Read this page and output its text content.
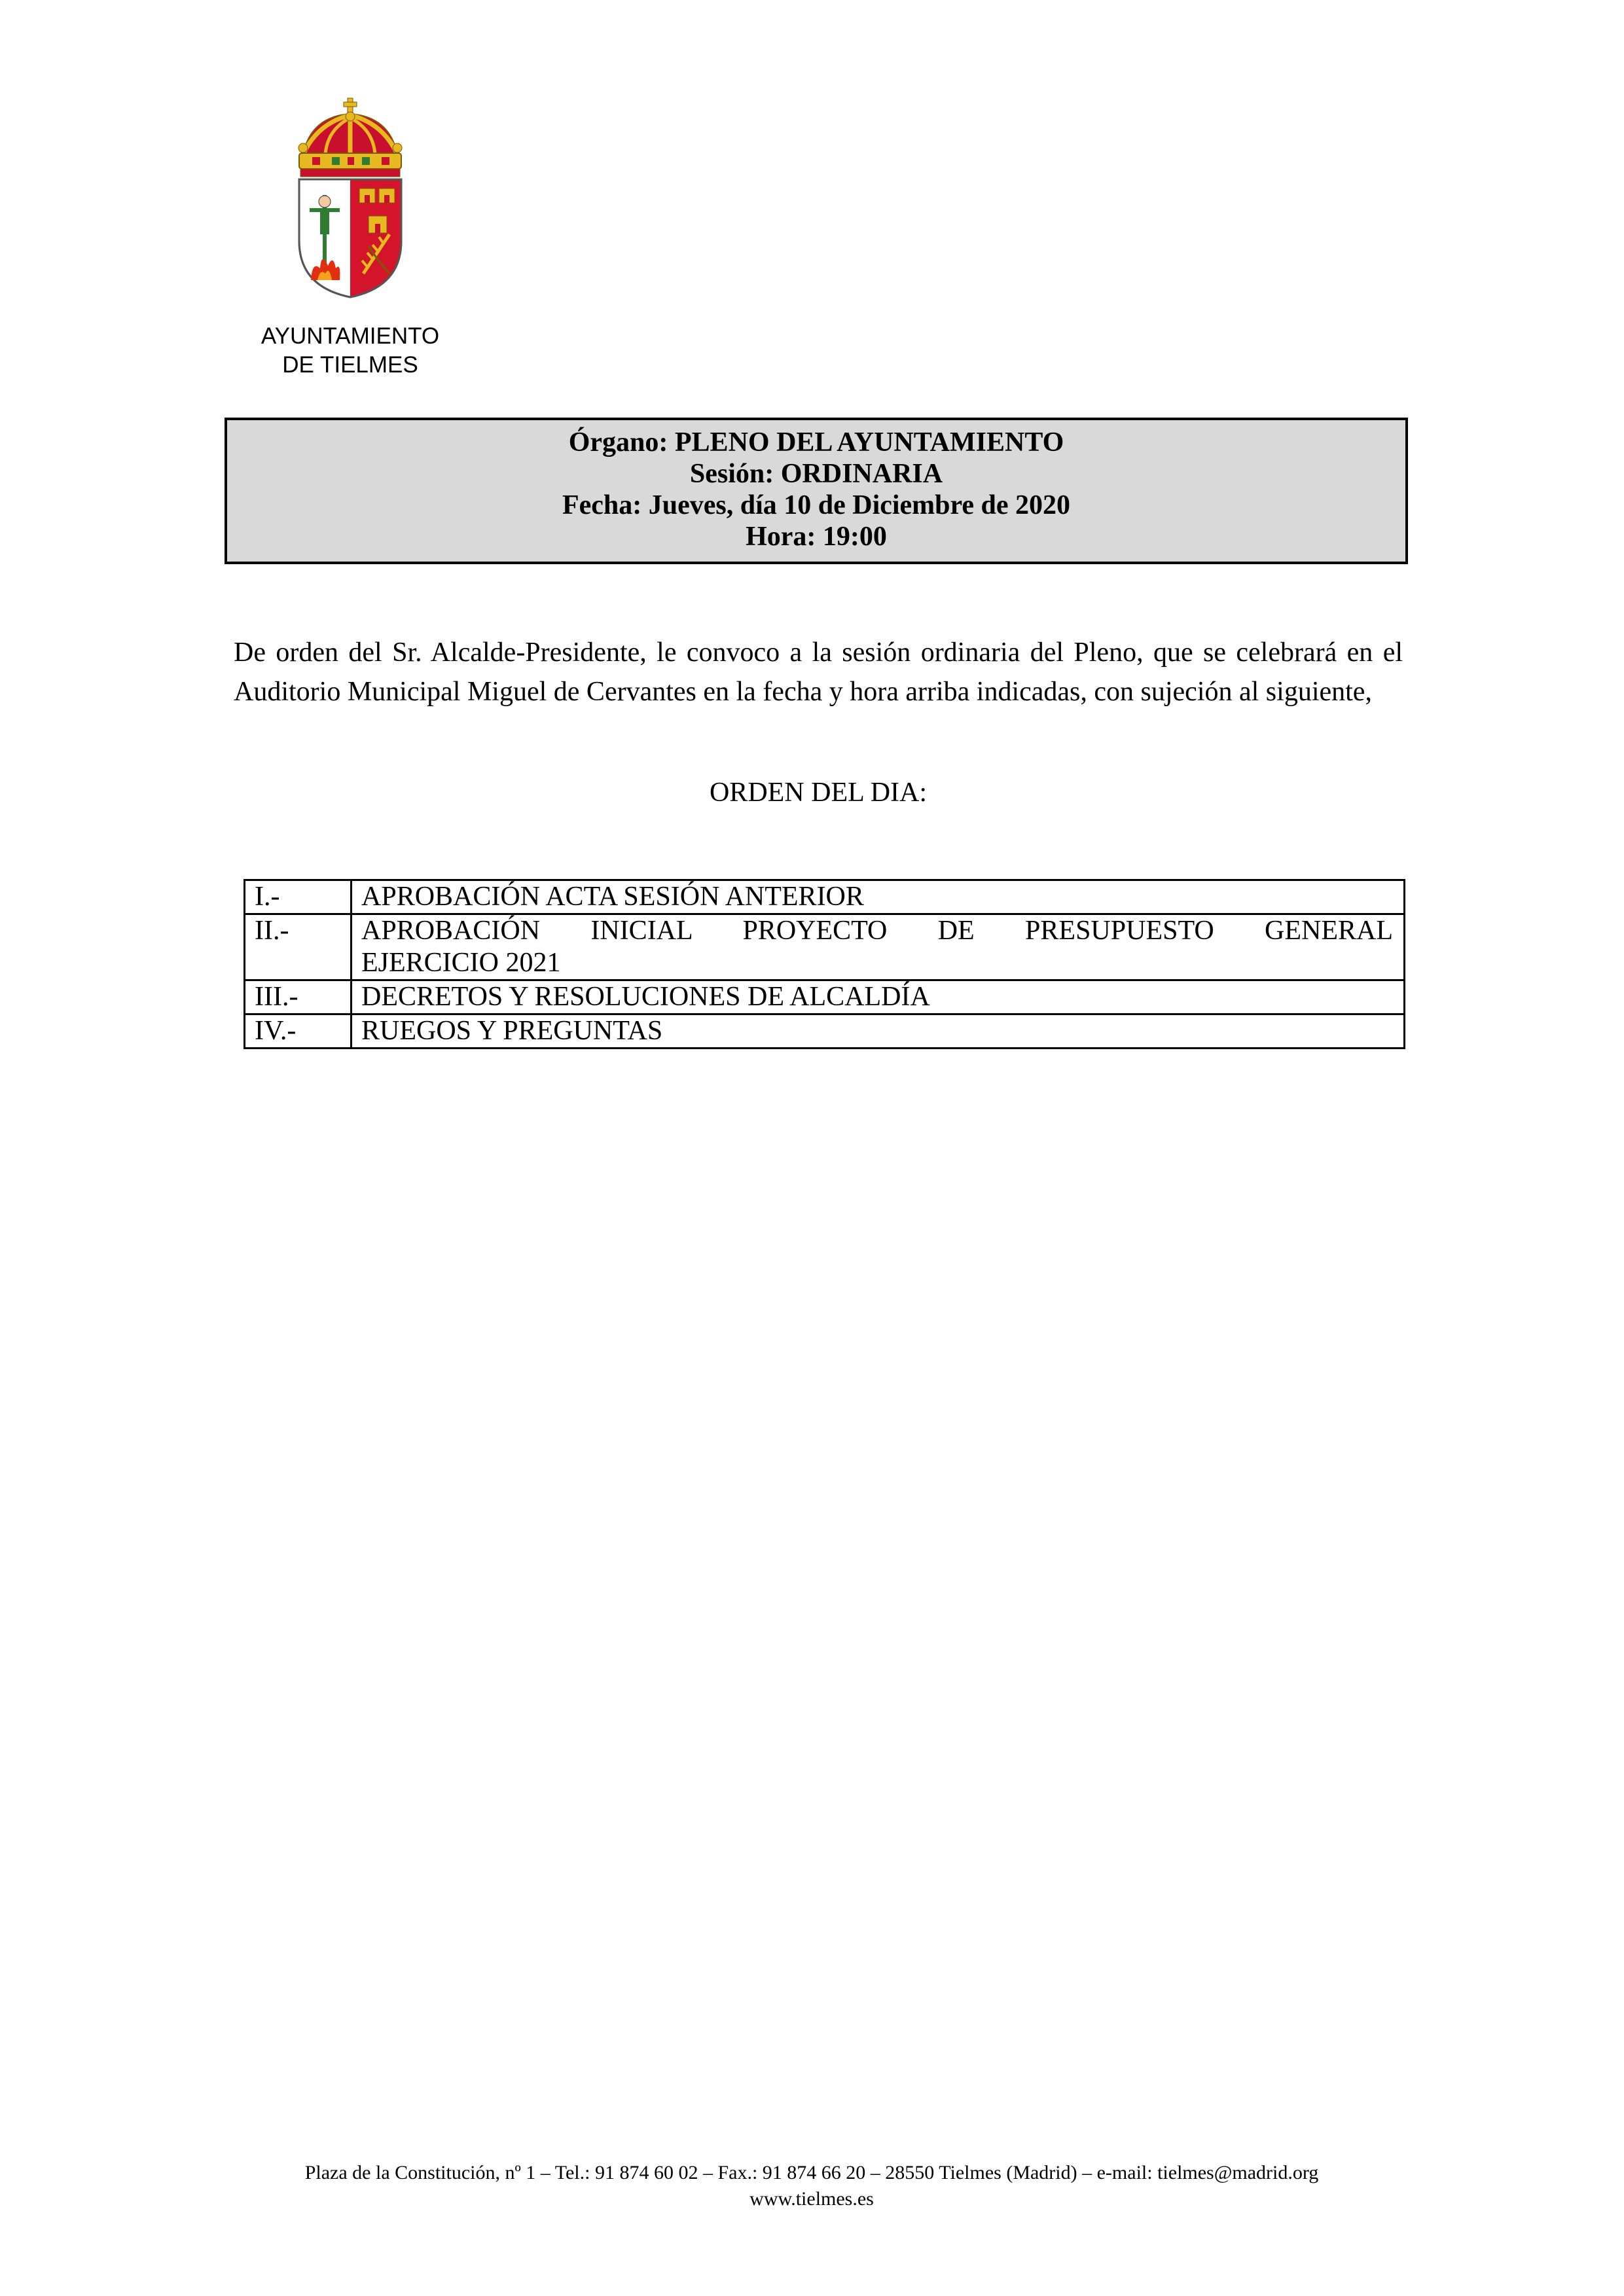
AYUNTAMIENTO
DE TIELMES
Órgano: PLENO DEL AYUNTAMIENTO
Sesión: ORDINARIA
Fecha: Jueves, día 10 de Diciembre de 2020
Hora: 19:00

De orden del Sr. Alcalde-Presidente, le convoco a la sesión ordinaria del Pleno, que se celebrará en el Auditorio Municipal Miguel de Cervantes en la fecha y hora arriba indicadas, con sujeción al siguiente,

ORDEN DEL DIA:
I.-	APROBACIÓN ACTA SESIÓN ANTERIOR
II.-	APROBACIÓN INICIAL PROYECTO DE PRESUPUESTO GENERAL
EJERCICIO 2021

III.-	DECRETOS Y RESOLUCIONES DE ALCALDÍA
IV.-	RUEGOS Y PREGUNTAS
Plaza de la Constitución, nº 1 – Tel.: 91 874 60 02 – Fax.: 91 874 66 20 – 28550 Tielmes (Madrid) – e-mail: tielmes@madrid.org
www.tielmes.es
